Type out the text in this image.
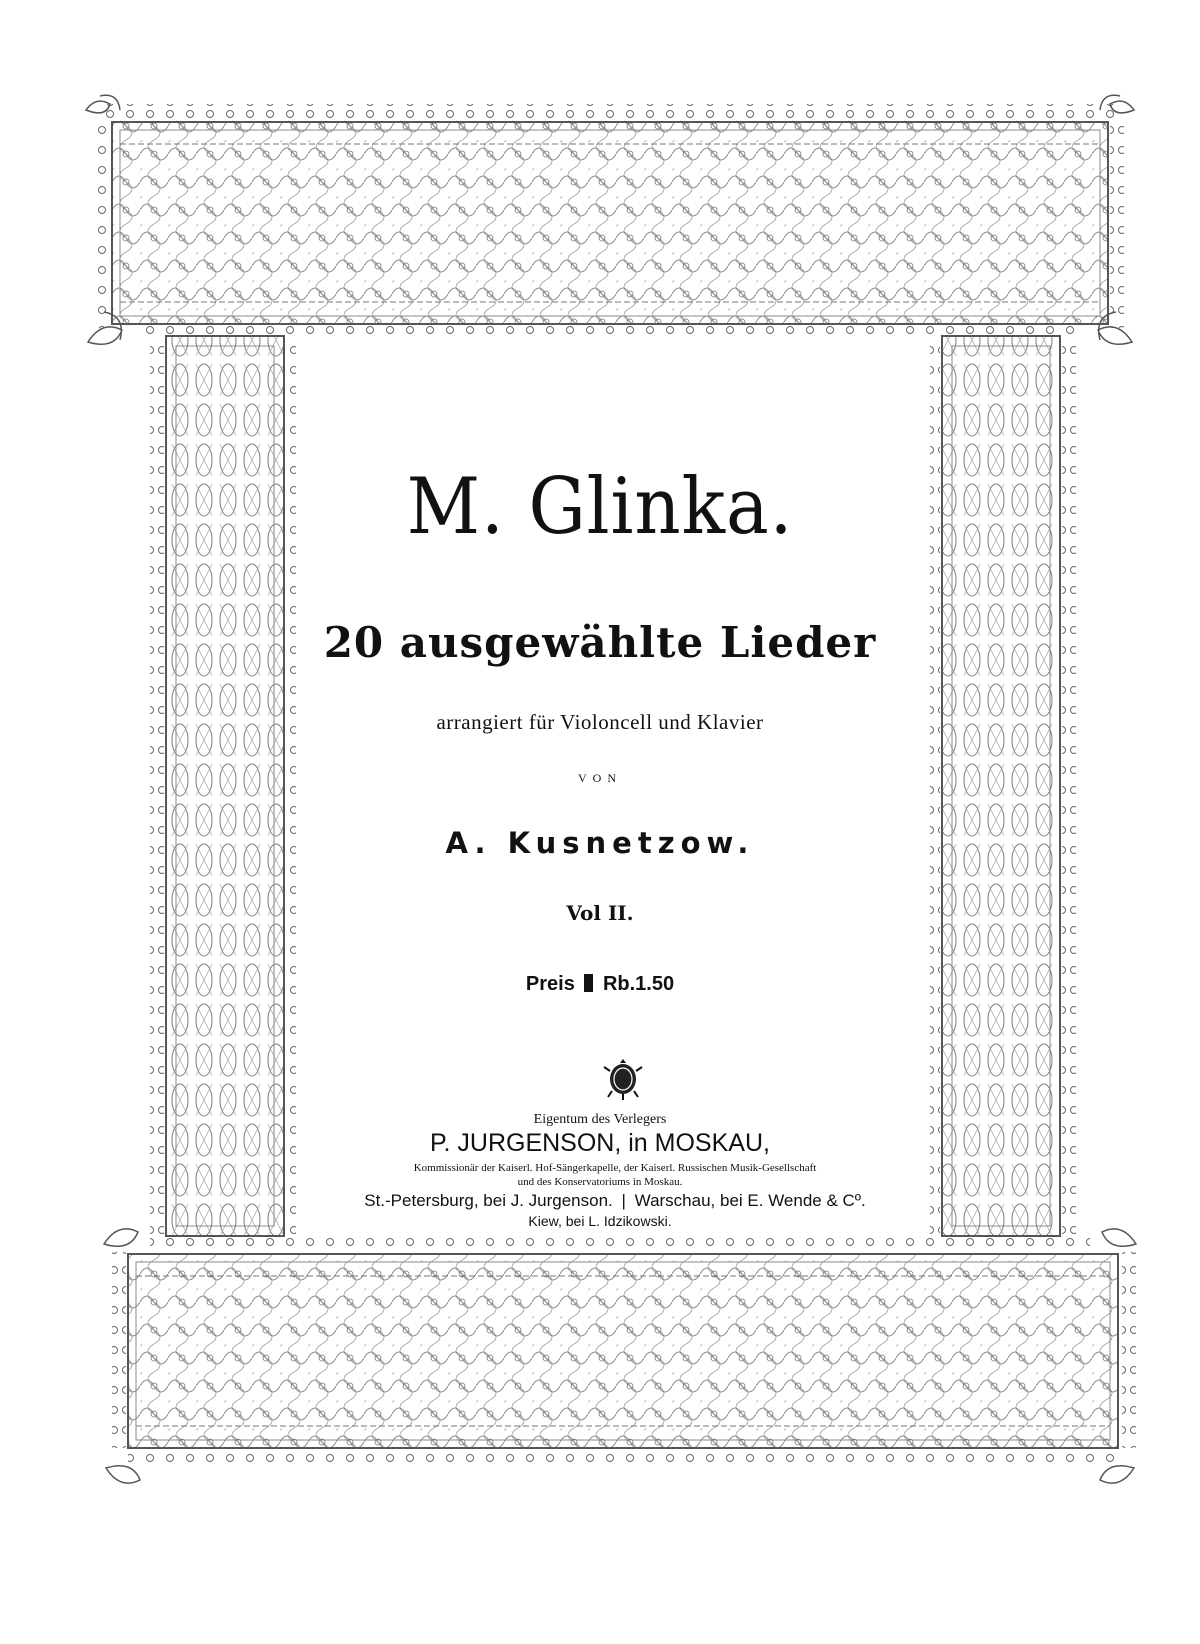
M. Glinka.
20 ausgewählte Lieder
arrangiert für Violoncell und Klavier
VON
A. Kusnetzow.
Vol II.
Preis Rb.1.50
Eigentum des Verlegers
P. JURGENSON, in MOSKAU,
Kommissionär der Kaiserl. Hof-Sängerkapelle, der Kaiserl. Russischen Musik-Gesellschaft
und des Konservatoriums in Moskau.
St.-Petersburg, bei J. Jurgenson. | Warschau, bei E. Wende & Cº.
Kiew, bei L. Idzikowski.
